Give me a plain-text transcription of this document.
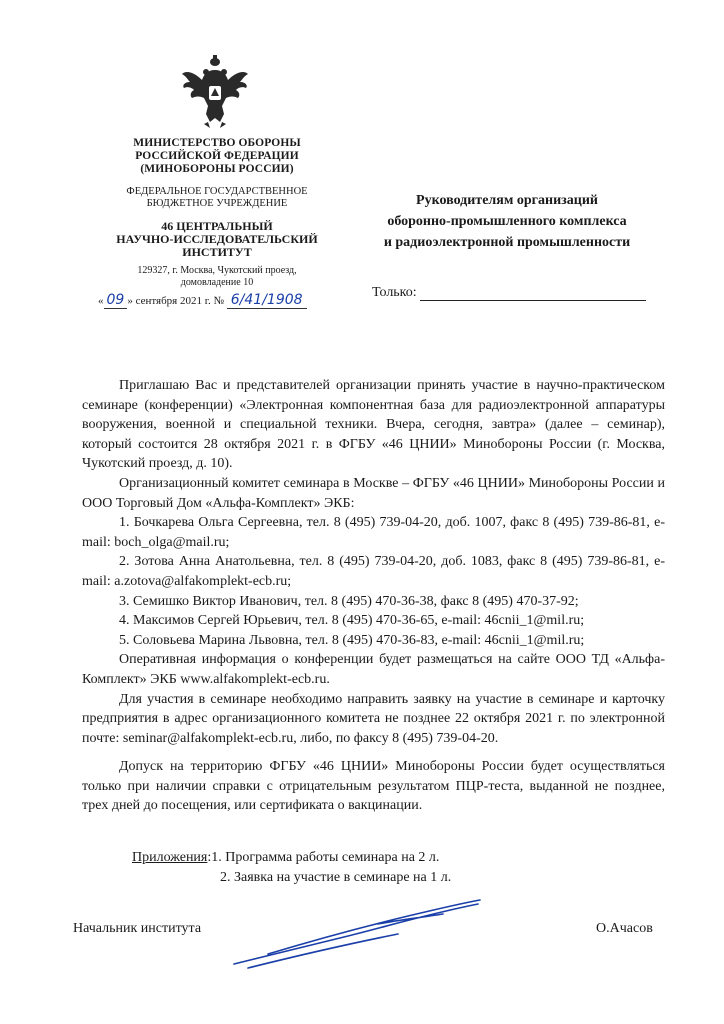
МИНИСТЕРСТВО ОБОРОНЫ
РОССИЙСКОЙ ФЕДЕРАЦИИ
(МИНОБОРОНЫ РОССИИ)
ФЕДЕРАЛЬНОЕ ГОСУДАРСТВЕННОЕ
БЮДЖЕТНОЕ УЧРЕЖДЕНИЕ
46 ЦЕНТРАЛЬНЫЙ
НАУЧНО-ИССЛЕДОВАТЕЛЬСКИЙ
ИНСТИТУТ
129327, г. Москва, Чукотский проезд,
домовладение 10
« 09 » сентября 2021 г. № 6/41/1908
Руководителям организаций
оборонно-промышленного комплекса
и радиоэлектронной промышленности
Только:

Приглашаю Вас и представителей организации принять участие в научно-практическом семинаре (конференции) «Электронная компонентная база для радиоэлектронной аппаратуры вооружения, военной и специальной техники. Вчера, сегодня, завтра» (далее – семинар), который состоится 28 октября 2021 г. в ФГБУ «46 ЦНИИ» Минобороны России (г. Москва, Чукотский проезд, д. 10).

Организационный комитет семинара в Москве – ФГБУ «46 ЦНИИ» Минобороны России и ООО Торговый Дом «Альфа-Комплект» ЭКБ:

1. Бочкарева Ольга Сергеевна, тел. 8 (495) 739-04-20, доб. 1007, факс 8 (495) 739-86-81, e-mail: boch_olga@mail.ru;

2. Зотова Анна Анатольевна, тел. 8 (495) 739-04-20, доб. 1083, факс 8 (495) 739-86-81, e-mail: a.zotova@alfakomplekt-ecb.ru;

3. Семишко Виктор Иванович, тел. 8 (495) 470-36-38, факс 8 (495) 470-37-92;

4. Максимов Сергей Юрьевич, тел. 8 (495) 470-36-65, e-mail: 46cnii_1@mil.ru;

5. Соловьева Марина Львовна, тел. 8 (495) 470-36-83, e-mail: 46cnii_1@mil.ru;

Оперативная информация о конференции будет размещаться на сайте ООО ТД «Альфа-Комплект» ЭКБ www.alfakomplekt-ecb.ru.

Для участия в семинаре необходимо направить заявку на участие в семинаре и карточку предприятия в адрес организационного комитета не позднее 22 октября 2021 г. по электронной почте: seminar@alfakomplekt-ecb.ru, либо, по факсу 8 (495) 739-04-20.

Допуск на территорию ФГБУ «46 ЦНИИ» Минобороны России будет осуществляться только при наличии справки с отрицательным результатом ПЦР-теста, выданной не позднее, трех дней до посещения, или сертификата о вакцинации.

Приложения:1. Программа работы семинара на 2 л.
2. Заявка на участие в семинаре на 1 л.
Начальник института	О.Ачасов
